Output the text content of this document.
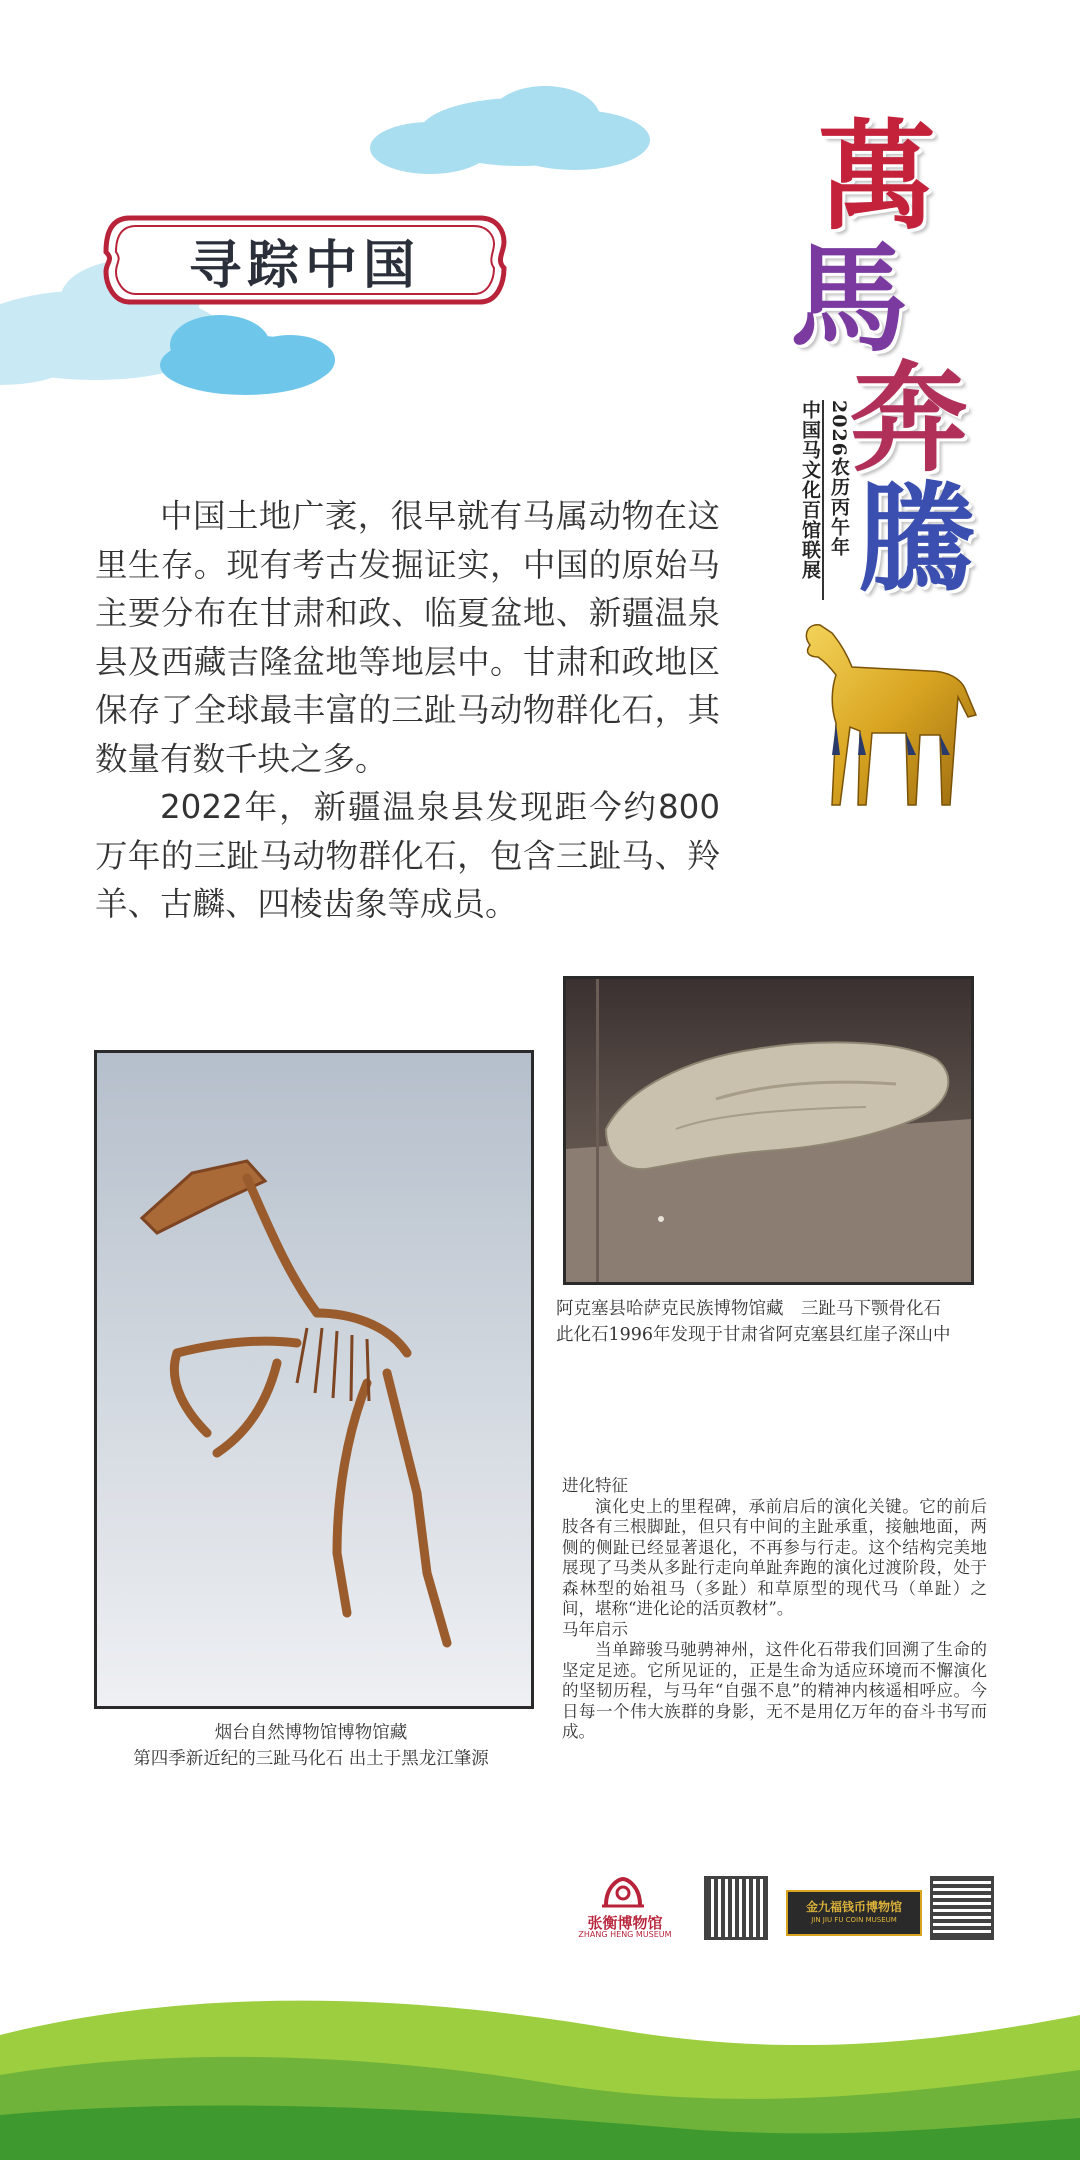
寻踪中国
萬
馬
奔
騰
2026农历丙午年
中国马文化百馆联展

中国土地广袤，很早就有马属动物在这里生存。现有考古发掘证实，中国的原始马主要分布在甘肃和政、临夏盆地、新疆温泉县及西藏吉隆盆地等地层中。甘肃和政地区保存了全球最丰富的三趾马动物群化石，其数量有数千块之多。

2022年，新疆温泉县发现距今约800万年的三趾马动物群化石，包含三趾马、羚羊、古麟、四棱齿象等成员。

阿克塞县哈萨克民族博物馆藏　三趾马下颚骨化石
此化石1996年发现于甘肃省阿克塞县红崖子深山中
烟台自然博物馆博物馆藏
第四季新近纪的三趾马化石 出土于黑龙江肇源
进化特征

演化史上的里程碑，承前启后的演化关键。它的前后肢各有三根脚趾，但只有中间的主趾承重，接触地面，两侧的侧趾已经显著退化，不再参与行走。这个结构完美地展现了马类从多趾行走向单趾奔跑的演化过渡阶段，处于森林型的始祖马（多趾）和草原型的现代马（单趾）之间，堪称“进化论的活页教材”。

马年启示

当单蹄骏马驰骋神州，这件化石带我们回溯了生命的坚定足迹。它所见证的，正是生命为适应环境而不懈演化的坚韧历程，与马年“自强不息”的精神内核遥相呼应。今日每一个伟大族群的身影，无不是用亿万年的奋斗书写而成。

张衡博物馆
ZHANG HENG MUSEUM
金九福钱币博物馆
JIN JIU FU COIN MUSEUM
